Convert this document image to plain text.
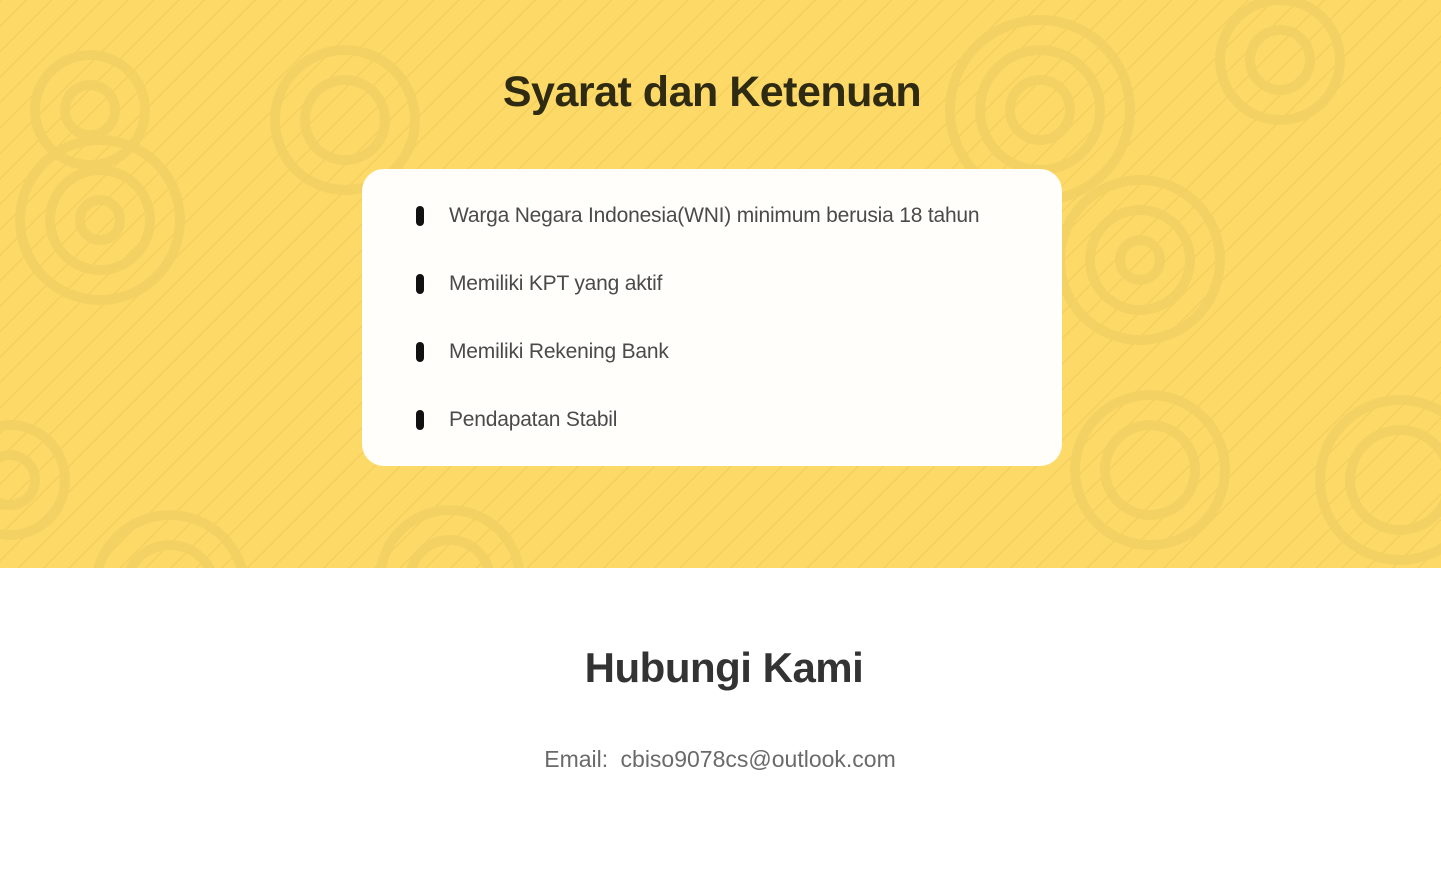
Syarat dan Ketenuan
Warga Negara Indonesia(WNI) minimum berusia 18 tahun
Memiliki KPT yang aktif
Memiliki Rekening Bank
Pendapatan Stabil
Hubungi Kami
Email: cbiso9078cs@outlook.com
